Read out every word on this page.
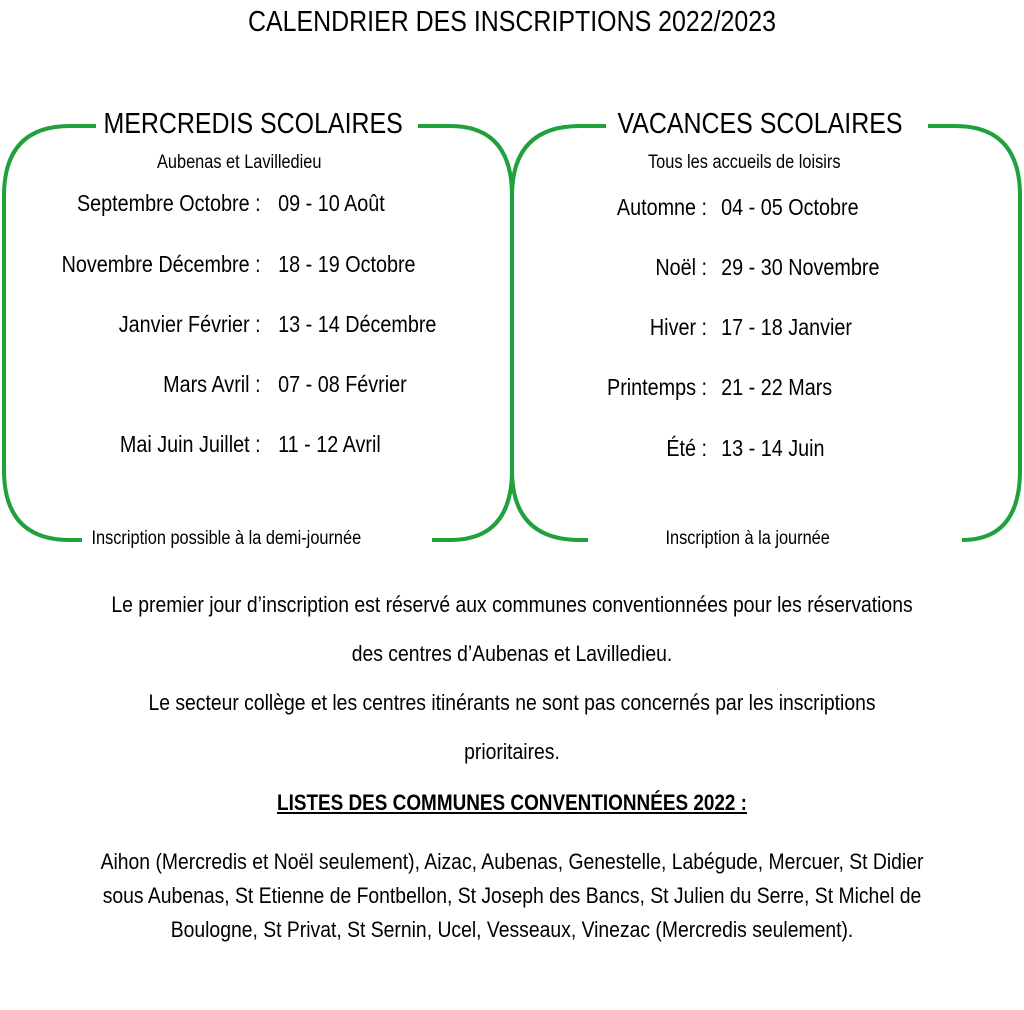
CALENDRIER DES INSCRIPTIONS 2022/2023
MERCREDIS SCOLAIRES
Aubenas et Lavilledieu
Septembre Octobre : 09 - 10 Août
Novembre Décembre : 18 - 19 Octobre
Janvier Février : 13 - 14 Décembre
Mars Avril : 07 - 08 Février
Mai Juin Juillet : 11 - 12 Avril
Inscription possible à la demi-journée
VACANCES SCOLAIRES
Tous les accueils de loisirs
Automne : 04 - 05 Octobre
Noël : 29 - 30 Novembre
Hiver : 17 - 18 Janvier
Printemps : 21 - 22 Mars
Été : 13 - 14 Juin
Inscription à la journée
Le premier jour d’inscription est réservé aux communes conventionnées pour les réservations
des centres d’Aubenas et Lavilledieu.
Le secteur collège et les centres itinérants ne sont pas concernés par les inscriptions
prioritaires.
LISTES DES COMMUNES CONVENTIONNÉES 2022 :
Aihon (Mercredis et Noël seulement), Aizac, Aubenas, Genestelle, Labégude, Mercuer, St Didier
sous Aubenas, St Etienne de Fontbellon, St Joseph des Bancs, St Julien du Serre, St Michel de
Boulogne, St Privat, St Sernin, Ucel, Vesseaux, Vinezac (Mercredis seulement).
